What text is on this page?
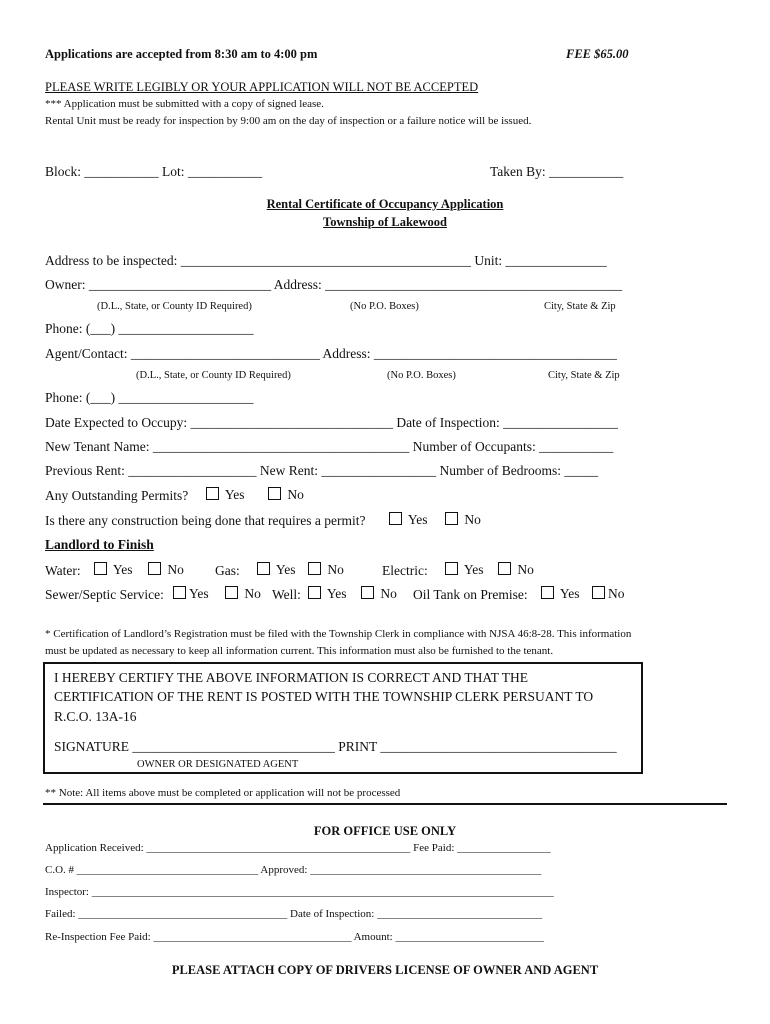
Applications are accepted from 8:30 am to 4:00 pm	FEE $65.00
PLEASE WRITE LEGIBLY OR YOUR APPLICATION WILL NOT BE ACCEPTED
*** Application must be submitted with a copy of signed lease.
Rental Unit must be ready for inspection by 9:00 am on the day of inspection or a failure notice will be issued.
Block: ___________ Lot: ___________	Taken By: ___________
Rental Certificate of Occupancy Application
Township of Lakewood
Address to be inspected: ___________________________________________ Unit: _______________
Owner: ___________________________ Address: ____________________________________________
(D.L., State, or County ID Required)	(No P.O. Boxes)	City, State & Zip
Phone: (___) ____________________
Agent/Contact: ____________________________ Address: ____________________________________
(D.L., State, or County ID Required)	(No P.O. Boxes)	City, State & Zip
Phone: (___) ____________________
Date Expected to Occupy: ______________________________ Date of Inspection: _________________
New Tenant Name: ______________________________________ Number of Occupants: ___________
Previous Rent: ___________________ New Rent: _________________ Number of Bedrooms: _____
Any Outstanding Permits?	Yes	No
Is there any construction being done that requires a permit?	Yes	No
Landlord to Finish
Water:	Yes	No Gas:	Yes	No	Electric:	Yes	No
Sewer/Septic Service:	Yes	No Well:	Yes	No Oil Tank on Premise:	Yes	No
* Certification of Landlord’s Registration must be filed with the Township Clerk in compliance with NJSA 46:8-28. This information
must be updated as necessary to keep all information current. This information must also be furnished to the tenant.
I HEREBY CERTIFY THE ABOVE INFORMATION IS CORRECT AND THAT THE
CERTIFICATION OF THE RENT IS POSTED WITH THE TOWNSHIP CLERK PERSUANT TO
R.C.O. 13A-16
SIGNATURE ______________________________ PRINT ___________________________________
OWNER OR DESIGNATED AGENT
** Note: All items above must be completed or application will not be processed
FOR OFFICE USE ONLY
Application Received: ________________________________________________ Fee Paid: _________________
C.O. # _________________________________ Approved: __________________________________________
Inspector: ____________________________________________________________________________________
Failed: ______________________________________ Date of Inspection: ______________________________
Re-Inspection Fee Paid: ____________________________________ Amount: ___________________________
PLEASE ATTACH COPY OF DRIVERS LICENSE OF OWNER AND AGENT
